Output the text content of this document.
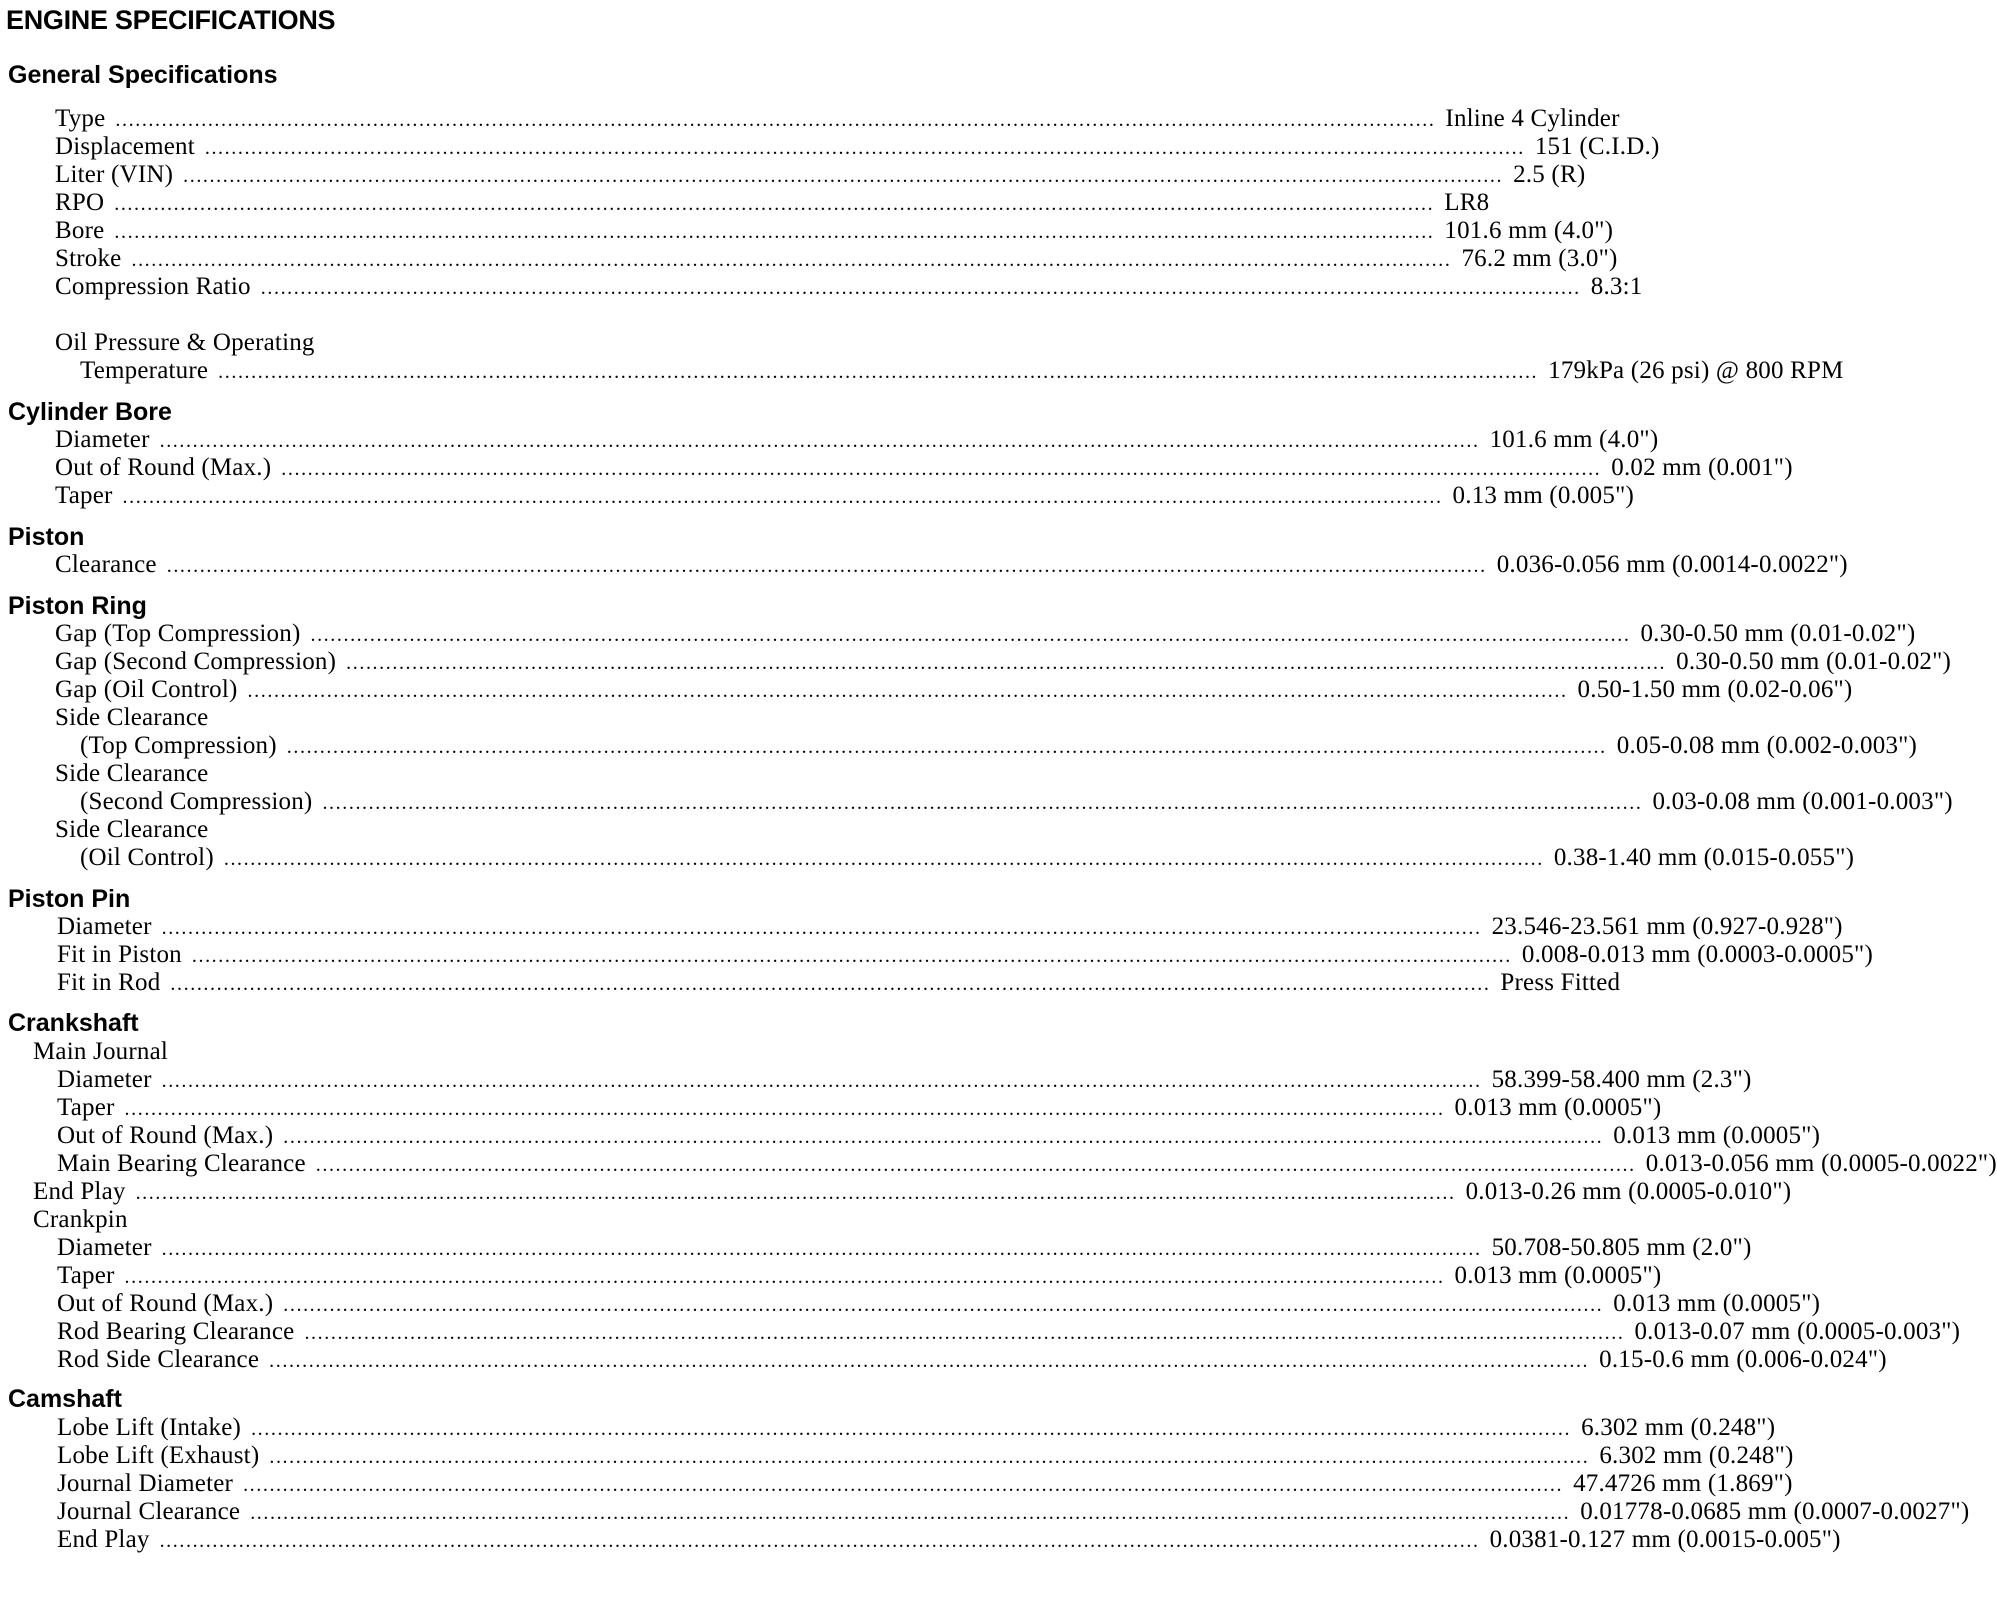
ENGINE SPECIFICATIONS
General Specifications
Type ........................................................................................................................................................................................................ Inline 4 Cylinder
Displacement ........................................................................................................................................................................................................ 151 (C.I.D.)
Liter (VIN) ........................................................................................................................................................................................................ 2.5 (R)
RPO ........................................................................................................................................................................................................ LR8
Bore ........................................................................................................................................................................................................ 101.6 mm (4.0")
Stroke ........................................................................................................................................................................................................ 76.2 mm (3.0")
Compression Ratio ........................................................................................................................................................................................................ 8.3:1
Oil Pressure & Operating
Temperature ........................................................................................................................................................................................................ 179kPa (26 psi) @ 800 RPM
Cylinder Bore
Diameter ........................................................................................................................................................................................................ 101.6 mm (4.0")
Out of Round (Max.) ........................................................................................................................................................................................................ 0.02 mm (0.001")
Taper ........................................................................................................................................................................................................ 0.13 mm (0.005")
Piston
Clearance ........................................................................................................................................................................................................ 0.036-0.056 mm (0.0014-0.0022")
Piston Ring
Gap (Top Compression) ........................................................................................................................................................................................................ 0.30-0.50 mm (0.01-0.02")
Gap (Second Compression) ........................................................................................................................................................................................................ 0.30-0.50 mm (0.01-0.02")
Gap (Oil Control) ........................................................................................................................................................................................................ 0.50-1.50 mm (0.02-0.06")
Side Clearance
(Top Compression) ........................................................................................................................................................................................................ 0.05-0.08 mm (0.002-0.003")
Side Clearance
(Second Compression) ........................................................................................................................................................................................................ 0.03-0.08 mm (0.001-0.003")
Side Clearance
(Oil Control) ........................................................................................................................................................................................................ 0.38-1.40 mm (0.015-0.055")
Piston Pin
Diameter ........................................................................................................................................................................................................ 23.546-23.561 mm (0.927-0.928")
Fit in Piston ........................................................................................................................................................................................................ 0.008-0.013 mm (0.0003-0.0005")
Fit in Rod ........................................................................................................................................................................................................ Press Fitted
Crankshaft
Main Journal
Diameter ........................................................................................................................................................................................................ 58.399-58.400 mm (2.3")
Taper ........................................................................................................................................................................................................ 0.013 mm (0.0005")
Out of Round (Max.) ........................................................................................................................................................................................................ 0.013 mm (0.0005")
Main Bearing Clearance ........................................................................................................................................................................................................ 0.013-0.056 mm (0.0005-0.0022")
End Play ........................................................................................................................................................................................................ 0.013-0.26 mm (0.0005-0.010")
Crankpin
Diameter ........................................................................................................................................................................................................ 50.708-50.805 mm (2.0")
Taper ........................................................................................................................................................................................................ 0.013 mm (0.0005")
Out of Round (Max.) ........................................................................................................................................................................................................ 0.013 mm (0.0005")
Rod Bearing Clearance ........................................................................................................................................................................................................ 0.013-0.07 mm (0.0005-0.003")
Rod Side Clearance ........................................................................................................................................................................................................ 0.15-0.6 mm (0.006-0.024")
Camshaft
Lobe Lift (Intake) ........................................................................................................................................................................................................ 6.302 mm (0.248")
Lobe Lift (Exhaust) ........................................................................................................................................................................................................ 6.302 mm (0.248")
Journal Diameter ........................................................................................................................................................................................................ 47.4726 mm (1.869")
Journal Clearance ........................................................................................................................................................................................................ 0.01778-0.0685 mm (0.0007-0.0027")
End Play ........................................................................................................................................................................................................ 0.0381-0.127 mm (0.0015-0.005")
